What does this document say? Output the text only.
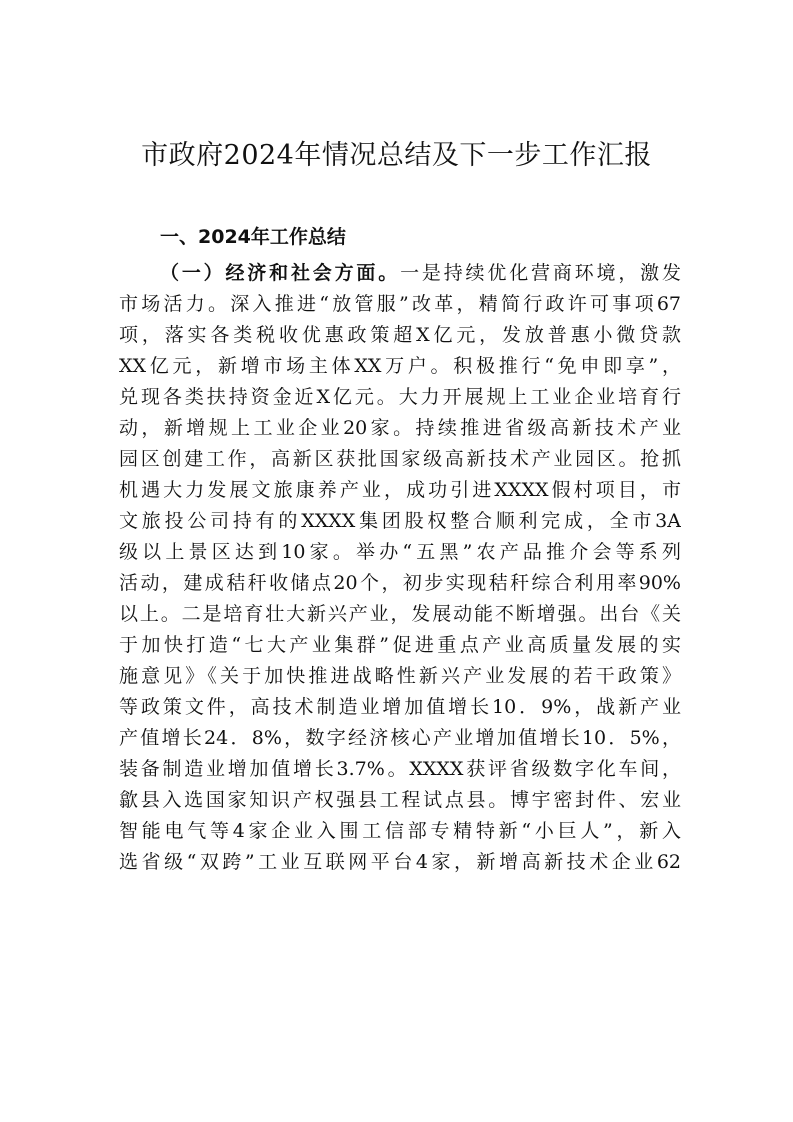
市政府2024年情况总结及下一步工作汇报
一、2024年工作总结
（一）经济和社会方面。一是持续优化营商环境，激发
市场活力。深入推进“放管服”改革，精简行政许可事项67
项，落实各类税收优惠政策超X亿元，发放普惠小微贷款
XX亿元，新增市场主体XX万户。积极推行“免申即享”，
兑现各类扶持资金近X亿元。大力开展规上工业企业培育行
动，新增规上工业企业20家。持续推进省级高新技术产业
园区创建工作，高新区获批国家级高新技术产业园区。抢抓
机遇大力发展文旅康养产业，成功引进XXXX假村项目，市
文旅投公司持有的XXXX集团股权整合顺利完成，全市3A
级以上景区达到10家。举办“五黑”农产品推介会等系列
活动，建成秸秆收储点20个，初步实现秸秆综合利用率90%
以上。二是培育壮大新兴产业，发展动能不断增强。出台《关
于加快打造“七大产业集群”促进重点产业高质量发展的实
施意见》《关于加快推进战略性新兴产业发展的若干政策》
等政策文件，高技术制造业增加值增长10．9%，战新产业
产值增长24．8%，数字经济核心产业增加值增长10．5%，
装备制造业增加值增长3.7%。XXXX获评省级数字化车间，
歙县入选国家知识产权强县工程试点县。博宇密封件、宏业
智能电气等4家企业入围工信部专精特新“小巨人”，新入
选省级“双跨”工业互联网平台4家，新增高新技术企业62
